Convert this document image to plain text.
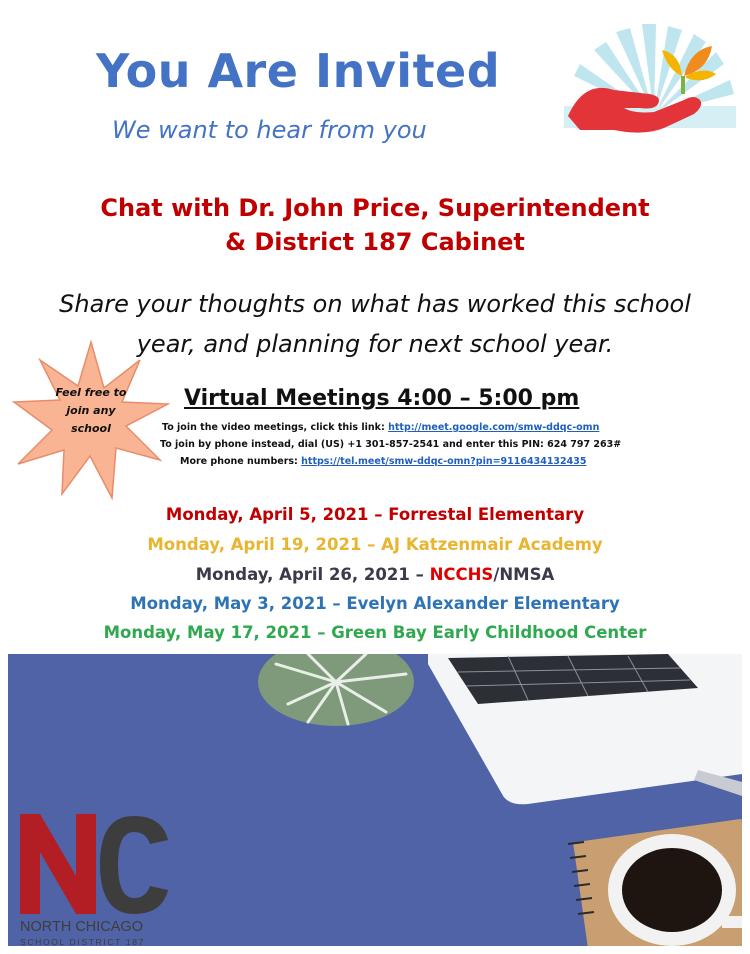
You Are Invited
We want to hear from you
Chat with Dr. John Price, Superintendent
& District 187 Cabinet
Share your thoughts on what has worked this school
year, and planning for next school year.
Feel free to
join any
school
Virtual Meetings 4:00 – 5:00 pm
To join the video meetings, click this link: http://meet.google.com/smw-ddqc-omn
To join by phone instead, dial (US) +1 301-857-2541 and enter this PIN: 624 797 263#
More phone numbers: https://tel.meet/smw-ddqc-omn?pin=9116434132435
Monday, April 5, 2021 – Forrestal Elementary
Monday, April 19, 2021 – AJ Katzenmair Academy
Monday, April 26, 2021 – NCCHS/NMSA
Monday, May 3, 2021 – Evelyn Alexander Elementary
Monday, May 17, 2021 – Green Bay Early Childhood Center
NORTH CHICAGO
SCHOOL DISTRICT 187
